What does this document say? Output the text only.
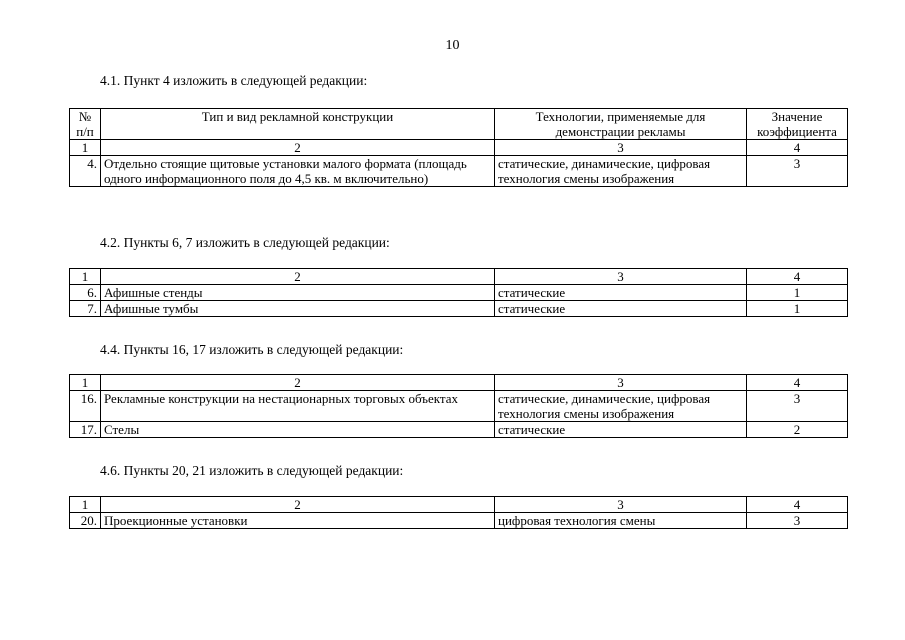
10
4.1. Пункт 4 изложить в следующей редакции:
№ п/п	Тип и вид рекламной конструкции	Технологии, применяемые для демонстрации рекламы	Значение коэффициента
1	2	3	4
4.	Отдельно стоящие щитовые установки малого формата (площадь одного информационного поля до 4,5 кв. м включительно)	статические, динамические, цифровая технология смены изображения	3
4.2. Пункты 6, 7 изложить в следующей редакции:
1	2	3	4
6.	Афишные стенды	статические	1
7.	Афишные тумбы	статические	1
4.4. Пункты 16, 17 изложить в следующей редакции:
1	2	3	4
16.	Рекламные конструкции на нестационарных торговых объектах	статические, динамические, цифровая технология смены изображения	3
17.	Стелы	статические	2
4.6. Пункты 20, 21 изложить в следующей редакции:
1	2	3	4
20.	Проекционные установки	цифровая технология смены	3
